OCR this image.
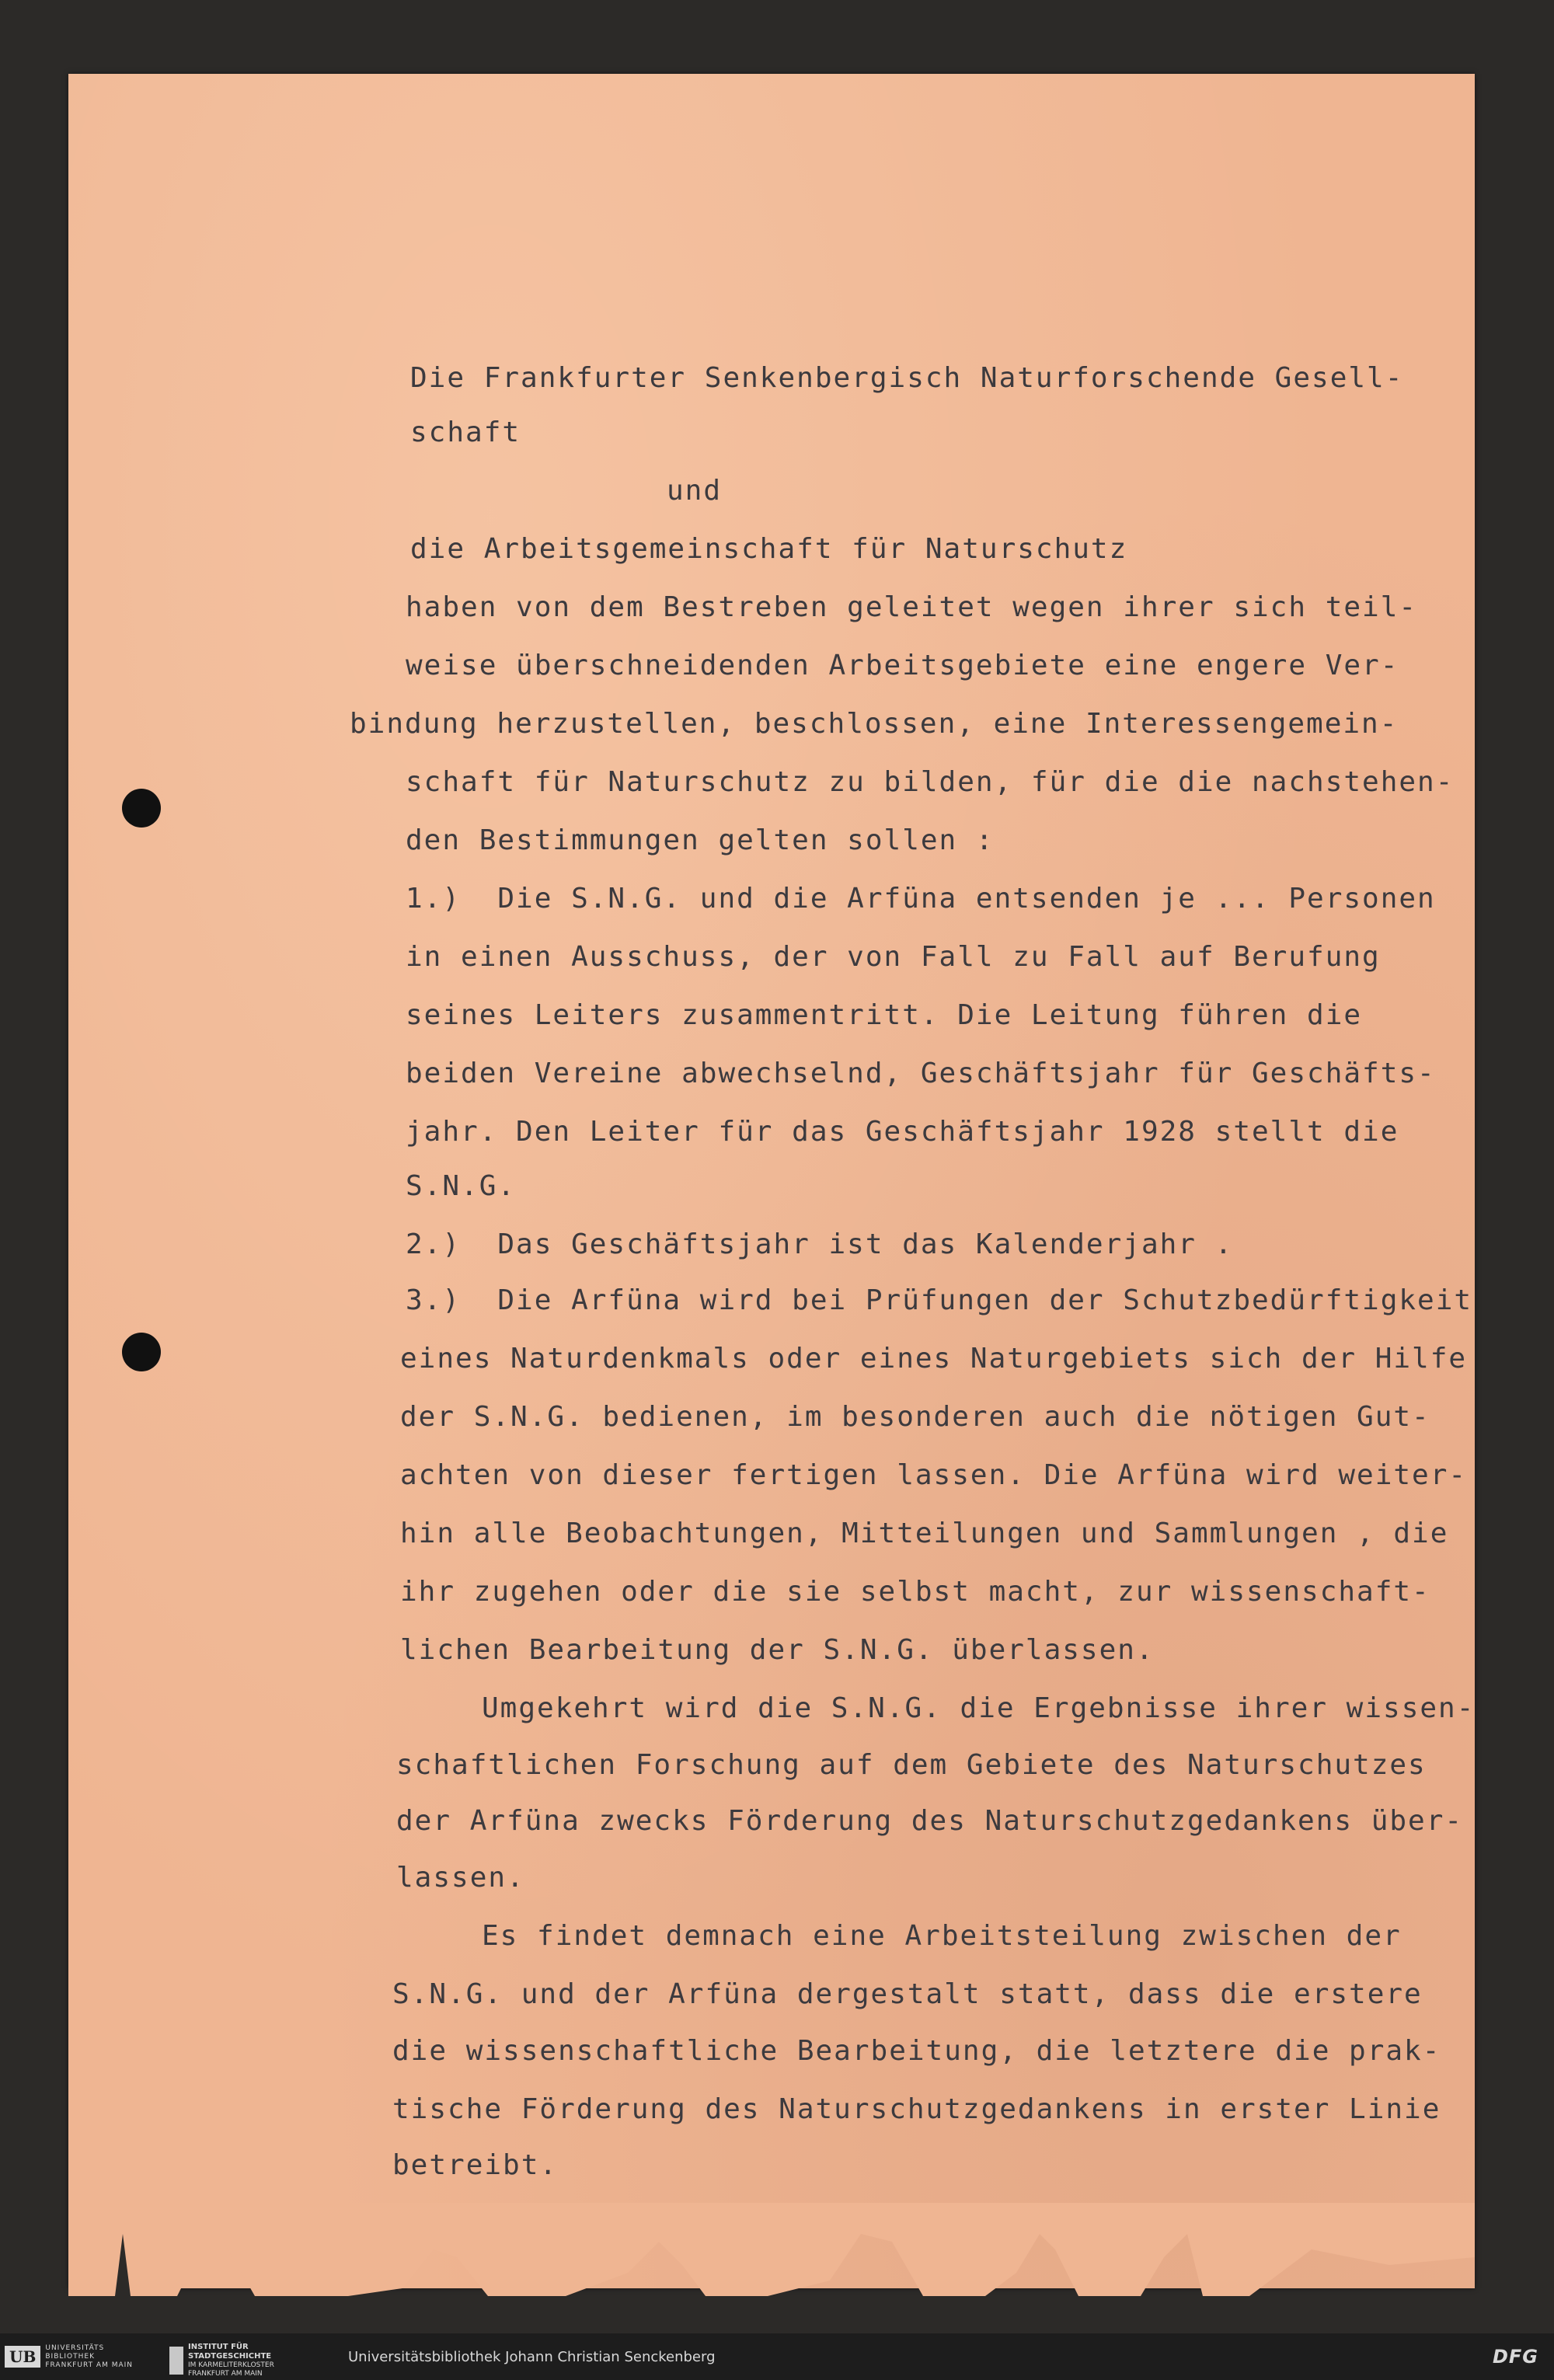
Die Frankfurter Senkenbergisch Naturforschende Gesell-
schaft
und
die Arbeitsgemeinschaft für Naturschutz
haben von dem Bestreben geleitet wegen ihrer sich teil-
weise überschneidenden Arbeitsgebiete eine engere Ver-
bindung herzustellen, beschlossen, eine Interessengemein-
schaft für Naturschutz zu bilden, für die die nachstehen-
den Bestimmungen gelten sollen :
1.)  Die S.N.G. und die Arfüna entsenden je ... Personen
in einen Ausschuss, der von Fall zu Fall auf Berufung
seines Leiters zusammentritt. Die Leitung führen die
beiden Vereine abwechselnd, Geschäftsjahr für Geschäfts-
jahr. Den Leiter für das Geschäftsjahr 1928 stellt die
S.N.G.
2.)  Das Geschäftsjahr ist das Kalenderjahr .
3.)  Die Arfüna wird bei Prüfungen der Schutzbedürftigkeit
eines Naturdenkmals oder eines Naturgebiets sich der Hilfe
der S.N.G. bedienen, im besonderen auch die nötigen Gut-
achten von dieser fertigen lassen. Die Arfüna wird weiter-
hin alle Beobachtungen, Mitteilungen und Sammlungen , die
ihr zugehen oder die sie selbst macht, zur wissenschaft-
lichen Bearbeitung der S.N.G. überlassen.
Umgekehrt wird die S.N.G. die Ergebnisse ihrer wissen-
schaftlichen Forschung auf dem Gebiete des Naturschutzes
der Arfüna zwecks Förderung des Naturschutzgedankens über-
lassen.
Es findet demnach eine Arbeitsteilung zwischen der
S.N.G. und der Arfüna dergestalt statt, dass die erstere
die wissenschaftliche Bearbeitung, die letztere die prak-
tische Förderung des Naturschutzgedankens in erster Linie
betreibt.
UB	UNIVERSITÄTS
BIBLIOTHEK
FRANKFURT AM MAIN
INSTITUT FÜR
STADTGESCHICHTE
IM KARMELITERKLOSTER
FRANKFURT AM MAIN
Universitätsbibliothek Johann Christian Senckenberg	DFG
